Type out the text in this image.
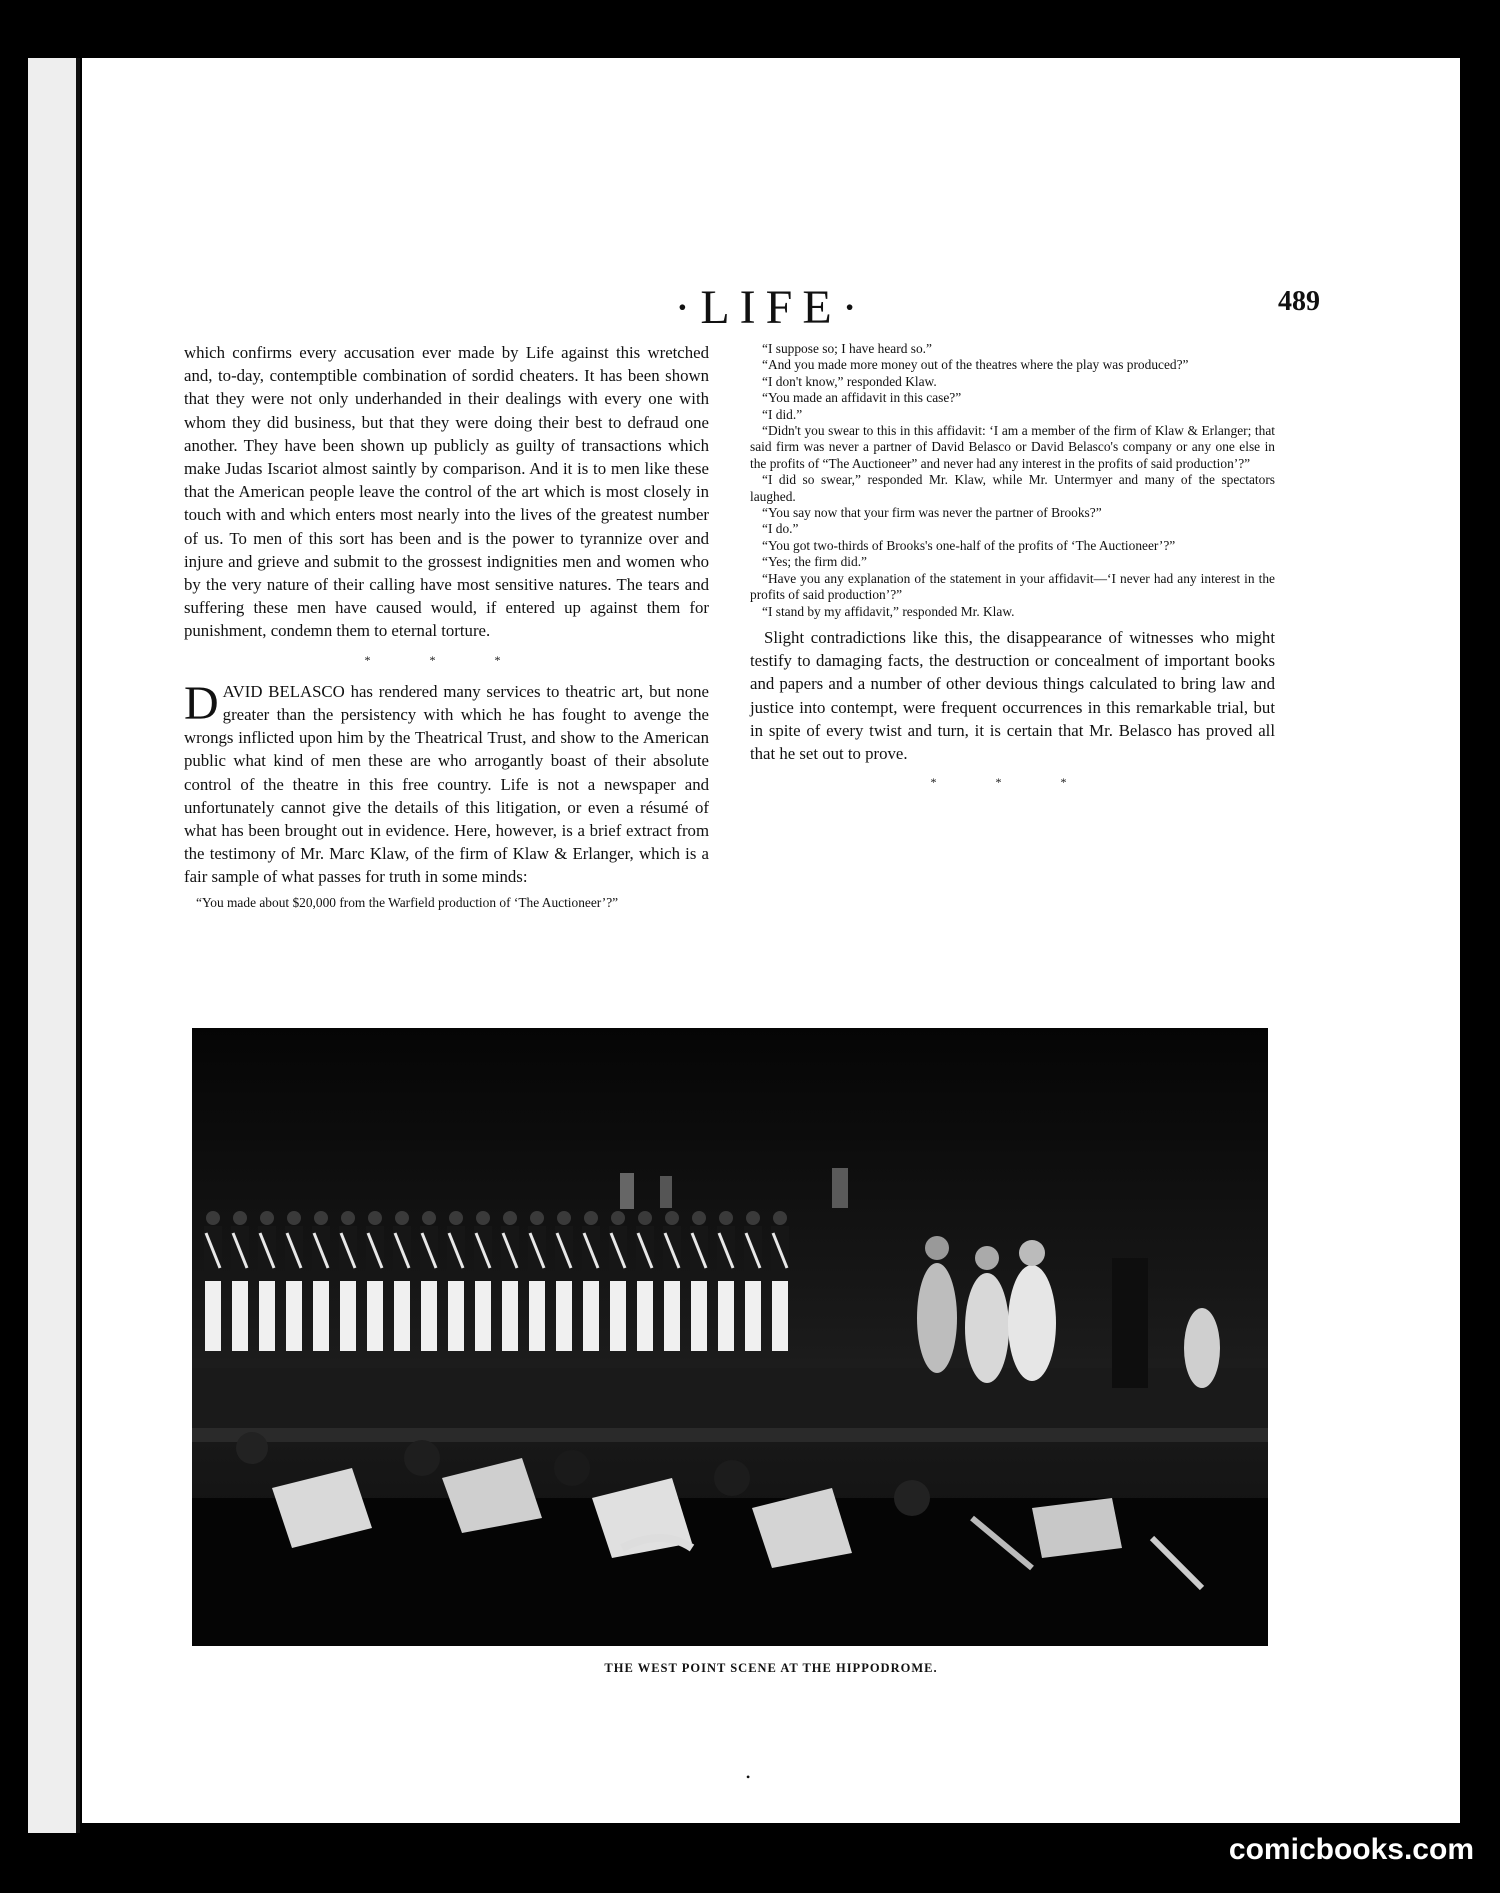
·LIFE·	489

which confirms every accusation ever made by Life against this wretched and, to-day, contemptible combination of sordid cheaters. It has been shown that they were not only underhanded in their dealings with every one with whom they did business, but that they were doing their best to defraud one another. They have been shown up publicly as guilty of transactions which make Judas Iscariot almost saintly by comparison. And it is to men like these that the American people leave the control of the art which is most closely in touch with and which enters most nearly into the lives of the greatest number of us. To men of this sort has been and is the power to tyrannize over and injure and grieve and submit to the grossest indignities men and women who by the very nature of their calling have most sensitive natures. The tears and suffering these men have caused would, if entered up against them for punishment, condemn them to eternal torture.

* * *

D AVID BELASCO has rendered many services to theatric art, but none greater than the persistency with which he has fought to avenge the wrongs inflicted upon him by the Theatrical Trust, and show to the American public what kind of men these are who arrogantly boast of their absolute control of the theatre in this free country. Life is not a newspaper and unfortunately cannot give the details of this litigation, or even a résumé of what has been brought out in evidence. Here, however, is a brief extract from the testimony of Mr. Marc Klaw, of the firm of Klaw & Erlanger, which is a fair sample of what passes for truth in some minds:

“You made about $20,000 from the Warfield production of ‘The Auctioneer’?”

“I suppose so; I have heard so.”

“And you made more money out of the theatres where the play was produced?”

“I don't know,” responded Klaw.

“You made an affidavit in this case?”

“I did.”

“Didn't you swear to this in this affidavit: ‘I am a member of the firm of Klaw & Erlanger; that said firm was never a partner of David Belasco or David Belasco's company or any one else in the profits of “The Auctioneer” and never had any interest in the profits of said production’?”

“I did so swear,” responded Mr. Klaw, while Mr. Untermyer and many of the spectators laughed.

“You say now that your firm was never the partner of Brooks?”

“I do.”

“You got two-thirds of Brooks's one-half of the profits of ‘The Auctioneer’?”

“Yes; the firm did.”

“Have you any explanation of the statement in your affidavit—‘I never had any interest in the profits of said production’?”

“I stand by my affidavit,” responded Mr. Klaw.

Slight contradictions like this, the disappearance of witnesses who might testify to damaging facts, the destruction or concealment of important books and papers and a number of other devious things calculated to bring law and justice into contempt, were frequent occurrences in this remarkable trial, but in spite of every twist and turn, it is certain that Mr. Belasco has proved all that he set out to prove.

* * *
THE WEST POINT SCENE AT THE HIPPODROME.
•
comicbooks.com
